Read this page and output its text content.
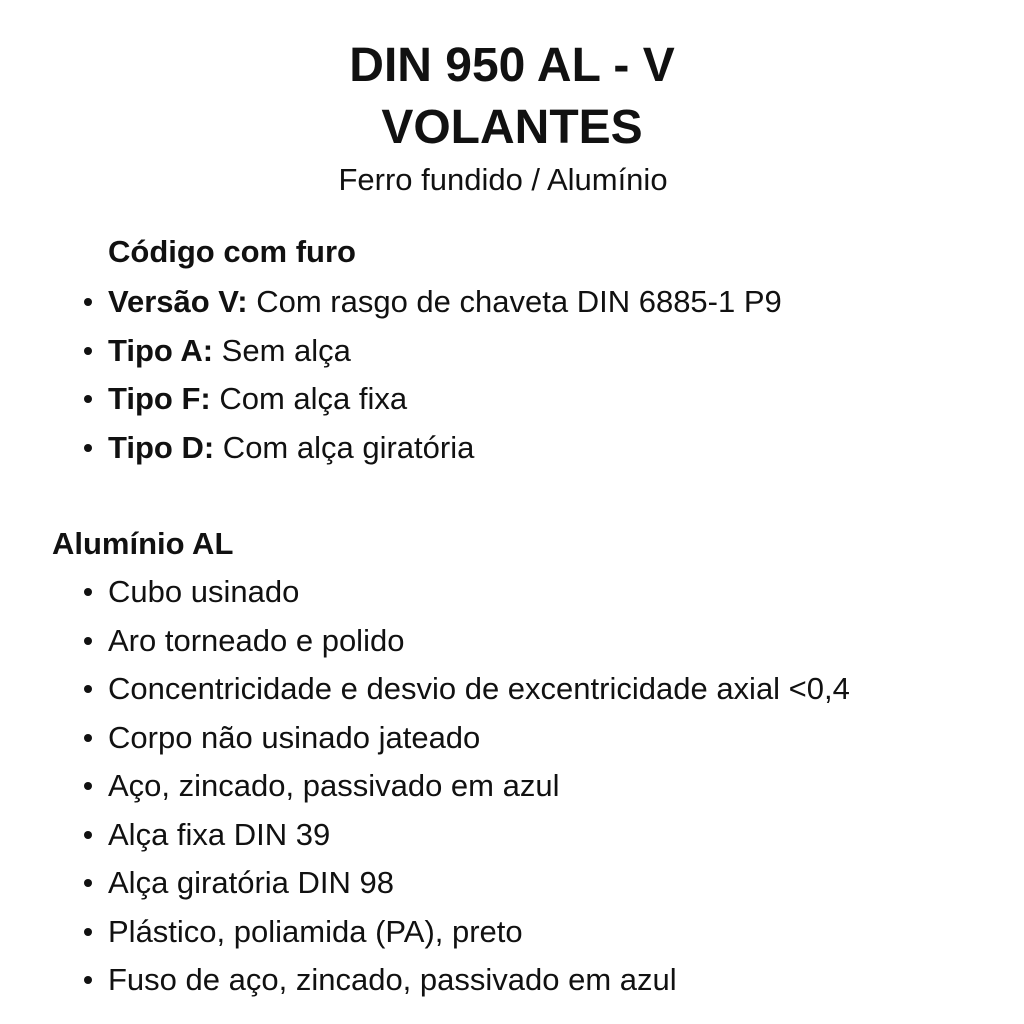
DIN 950 AL - V
VOLANTES
Ferro fundido / Alumínio
Código com furo
Versão V: Com rasgo de chaveta DIN 6885-1 P9
Tipo A: Sem alça
Tipo F: Com alça fixa
Tipo D: Com alça giratória
Alumínio AL
Cubo usinado
Aro torneado e polido
Concentricidade e desvio de excentricidade axial <0,4
Corpo não usinado jateado
Aço, zincado, passivado em azul
Alça fixa DIN 39
Alça giratória DIN 98
Plástico, poliamida (PA), preto
Fuso de aço, zincado, passivado em azul
